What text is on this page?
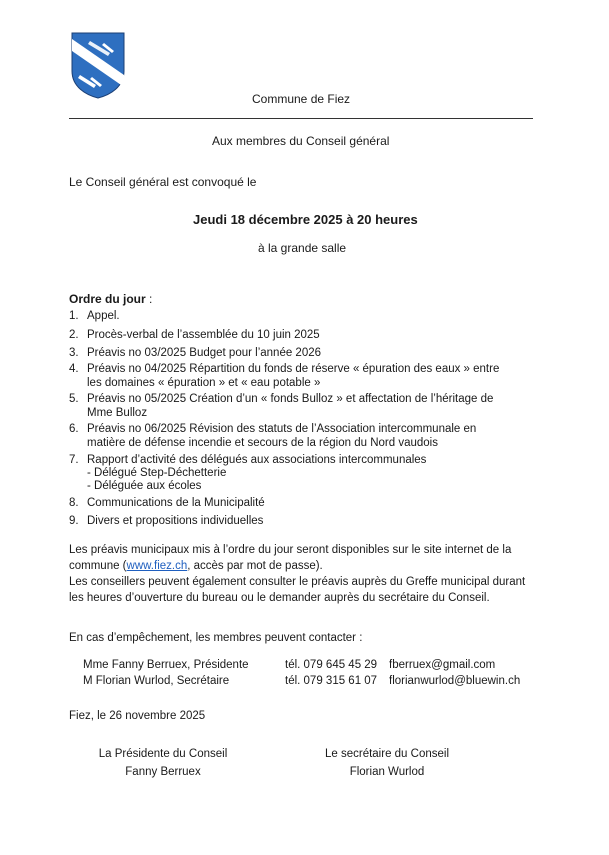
Commune de Fiez
Aux membres du Conseil général
Le Conseil général est convoqué le
Jeudi 18 décembre 2025 à 20 heures
à la grande salle
Ordre du jour :
1. Appel.
2. Procès-verbal de l’assemblée du 10 juin 2025
3. Préavis no 03/2025 Budget pour l’année 2026
4. Préavis no 04/2025 Répartition du fonds de réserve « épuration des eaux » entre
les domaines « épuration » et « eau potable »
5. Préavis no 05/2025 Création d’un « fonds Bulloz » et affectation de l’héritage de
Mme Bulloz
6. Préavis no 06/2025 Révision des statuts de l’Association intercommunale en
matière de défense incendie et secours de la région du Nord vaudois
7. Rapport d’activité des délégués aux associations intercommunales
- Délégué Step-Déchetterie
- Déléguée aux écoles
8. Communications de la Municipalité
9. Divers et propositions individuelles
Les préavis municipaux mis à l’ordre du jour seront disponibles sur le site internet de la
commune (www.fiez.ch, accès par mot de passe).
Les conseillers peuvent également consulter le préavis auprès du Greffe municipal durant
les heures d’ouverture du bureau ou le demander auprès du secrétaire du Conseil.
En cas d’empêchement, les membres peuvent contacter :
Mme Fanny Berruex, Présidente	tél. 079 645 45 29 fberruex@gmail.com
M Florian Wurlod, Secrétaire	tél. 079 315 61 07 florianwurlod@bluewin.ch
Fiez, le 26 novembre 2025
La Présidente du Conseil
Fanny Berruex
Le secrétaire du Conseil
Florian Wurlod
